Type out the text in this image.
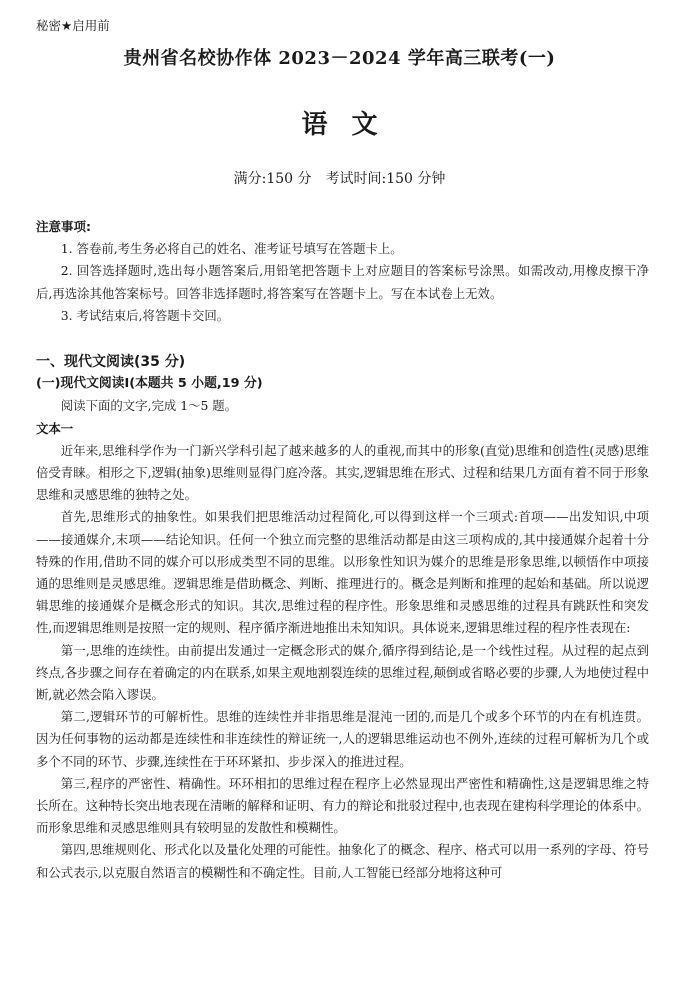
秘密★启用前
贵州省名校协作体 2023－2024 学年高三联考(一)
语文
满分:150 分　考试时间:150 分钟
注意事项:

1. 答卷前,考生务必将自己的姓名、准考证号填写在答题卡上。

2. 回答选择题时,选出每小题答案后,用铅笔把答题卡上对应题目的答案标号涂黑。如需改动,用橡皮擦干净后,再选涂其他答案标号。回答非选择题时,将答案写在答题卡上。写在本试卷上无效。

3. 考试结束后,将答题卡交回。

一、现代文阅读(35 分)
(一)现代文阅读Ⅰ(本题共 5 小题,19 分)

阅读下面的文字,完成 1～5 题。

文本一

近年来,思维科学作为一门新兴学科引起了越来越多的人的重视,而其中的形象(直觉)思维和创造性(灵感)思维倍受青睐。相形之下,逻辑(抽象)思维则显得门庭冷落。其实,逻辑思维在形式、过程和结果几方面有着不同于形象思维和灵感思维的独特之处。

首先,思维形式的抽象性。如果我们把思维活动过程简化,可以得到这样一个三项式:首项——出发知识,中项——接通媒介,末项——结论知识。任何一个独立而完整的思维活动都是由这三项构成的,其中接通媒介起着十分特殊的作用,借助不同的媒介可以形成类型不同的思维。以形象性知识为媒介的思维是形象思维,以顿悟作中项接通的思维则是灵感思维。逻辑思维是借助概念、判断、推理进行的。概念是判断和推理的起始和基础。所以说逻辑思维的接通媒介是概念形式的知识。其次,思维过程的程序性。形象思维和灵感思维的过程具有跳跃性和突发性,而逻辑思维则是按照一定的规则、程序循序渐进地推出未知知识。具体说来,逻辑思维过程的程序性表现在:

第一,思维的连续性。由前提出发通过一定概念形式的媒介,循序得到结论,是一个线性过程。从过程的起点到终点,各步骤之间存在着确定的内在联系,如果主观地割裂连续的思维过程,颠倒或省略必要的步骤,人为地使过程中断,就必然会陷入谬误。

第二,逻辑环节的可解析性。思维的连续性并非指思维是混沌一团的,而是几个或多个环节的内在有机连贯。因为任何事物的运动都是连续性和非连续性的辩证统一,人的逻辑思维运动也不例外,连续的过程可解析为几个或多个不同的环节、步骤,连续性在于环环紧扣、步步深入的推进过程。

第三,程序的严密性、精确性。环环相扣的思维过程在程序上必然显现出严密性和精确性,这是逻辑思维之特长所在。这种特长突出地表现在清晰的解释和证明、有力的辩论和批驳过程中,也表现在建构科学理论的体系中。而形象思维和灵感思维则具有较明显的发散性和模糊性。

第四,思维规则化、形式化以及量化处理的可能性。抽象化了的概念、程序、格式可以用一系列的字母、符号和公式表示,以克服自然语言的模糊性和不确定性。目前,人工智能已经部分地将这种可
